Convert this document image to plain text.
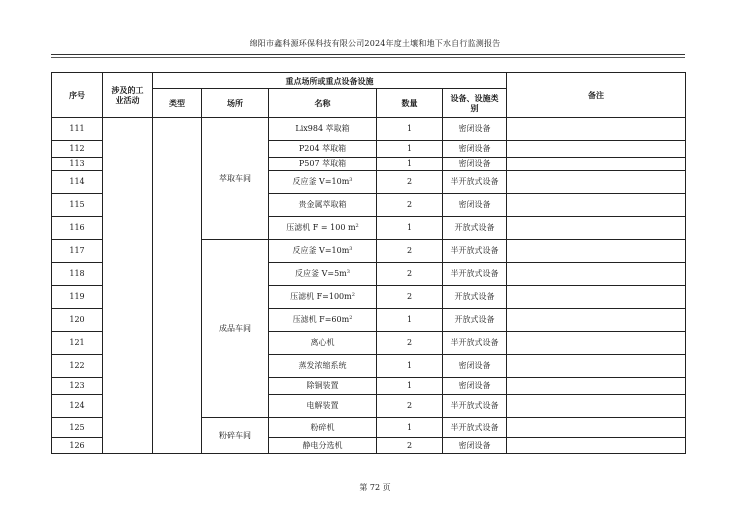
绵阳市鑫科源环保科技有限公司2024年度土壤和地下水自行监测报告
序号	涉及的工业活动	重点场所或重点设备设施					备注
		类型	场所	名称	数量	设备、设施类别	
111			萃取车间	Lix984 萃取箱	1	密闭设备	
112				P204 萃取箱	1	密闭设备	
113				P507 萃取箱	1	密闭设备	
114				反应釜 $V=10m^3$	2	半开放式设备	
115				贵金属萃取箱	2	密闭设备	
116				压滤机 F = 100 $m^2$	1	开放式设备	
117			成品车间	反应釜 $V=10m^3$	2	半开放式设备	
118				反应釜 $V=5m^3$	2	半开放式设备	
119				压滤机 $F=100m^2$	2	开放式设备	
120				压滤机 $F=60m^2$	1	开放式设备	
121				离心机	2	半开放式设备	
122				蒸发浓缩系统	1	密闭设备	
123				除铜装置	1	密闭设备	
124				电解装置	2	半开放式设备	
125			粉碎车间	粉碎机	1	半开放式设备	
126				静电分选机	2	密闭设备	
第 72 页
